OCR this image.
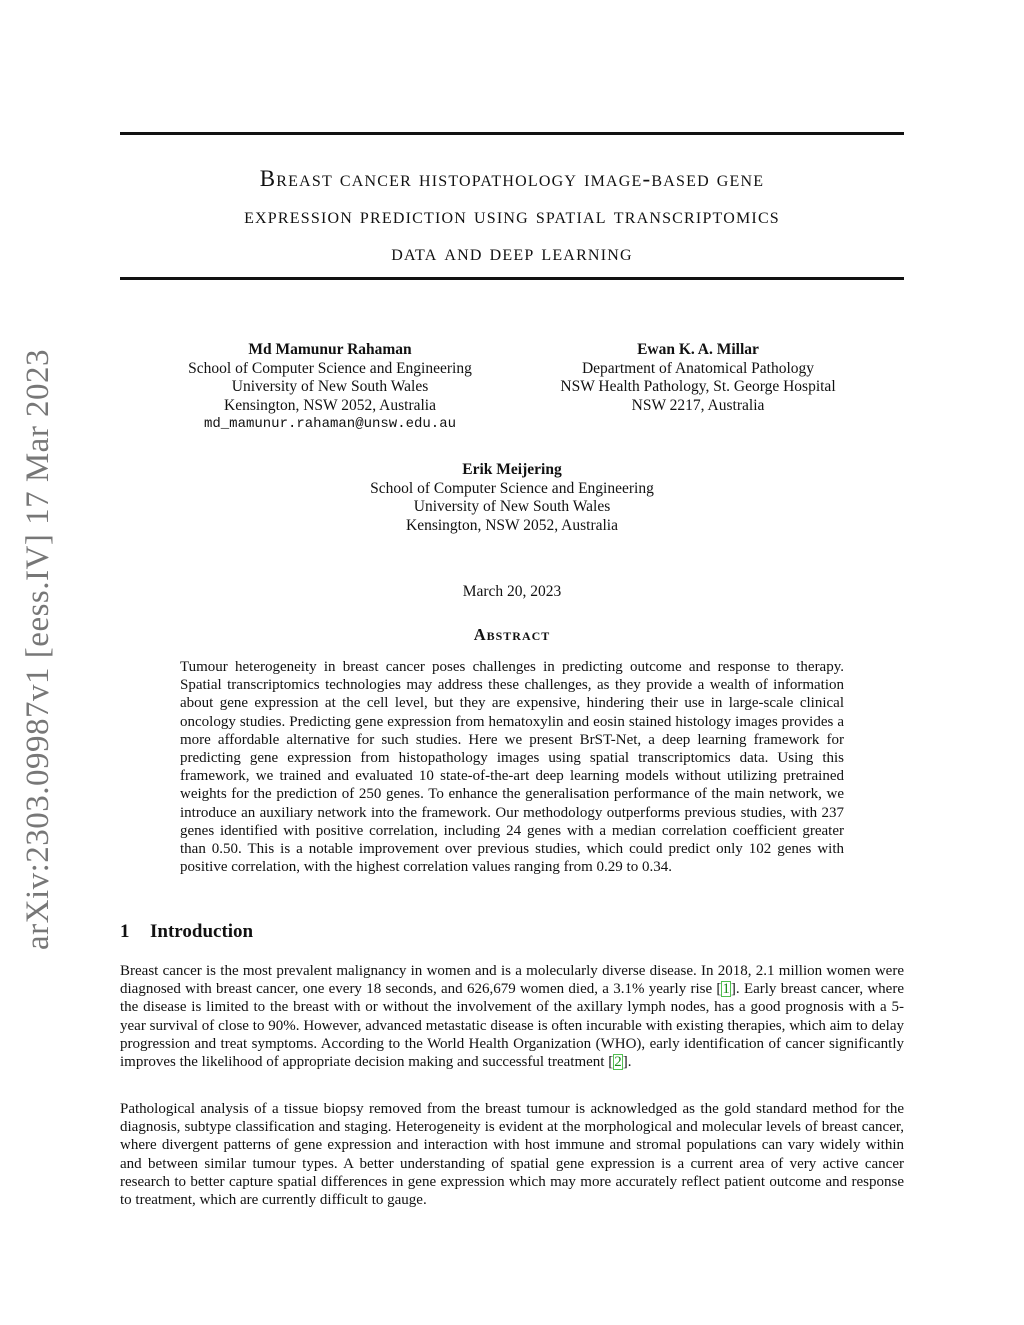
arXiv:2303.09987v1 [eess.IV] 17 Mar 2023
Breast cancer histopathology image-based gene
expression prediction using spatial transcriptomics
data and deep learning
Md Mamunur Rahaman
School of Computer Science and Engineering
University of New South Wales
Kensington, NSW 2052, Australia
md_mamunur.rahaman@unsw.edu.au
Ewan K. A. Millar
Department of Anatomical Pathology
NSW Health Pathology, St. George Hospital
NSW 2217, Australia
Erik Meijering
School of Computer Science and Engineering
University of New South Wales
Kensington, NSW 2052, Australia
March 20, 2023
Abstract
Tumour heterogeneity in breast cancer poses challenges in predicting outcome and response to therapy. Spatial transcriptomics technologies may address these challenges, as they provide a wealth of information about gene expression at the cell level, but they are expensive, hindering their use in large-scale clinical oncology studies. Predicting gene expression from hematoxylin and eosin stained histology images provides a more affordable alternative for such studies. Here we present BrST-Net, a deep learning framework for predicting gene expression from histopathology images using spatial transcriptomics data. Using this framework, we trained and evaluated 10 state-of-the-art deep learning models without utilizing pretrained weights for the prediction of 250 genes. To enhance the generalisation performance of the main network, we introduce an auxiliary network into the framework. Our methodology outperforms previous studies, with 237 genes identified with positive correlation, including 24 genes with a median correlation coefficient greater than 0.50. This is a notable improvement over previous studies, which could predict only 102 genes with positive correlation, with the highest correlation values ranging from 0.29 to 0.34.
1 Introduction

Breast cancer is the most prevalent malignancy in women and is a molecularly diverse disease. In 2018, 2.1 million women were diagnosed with breast cancer, one every 18 seconds, and 626,679 women died, a 3.1% yearly rise [1]. Early breast cancer, where the disease is limited to the breast with or without the involvement of the axillary lymph nodes, has a good prognosis with a 5-year survival of close to 90%. However, advanced metastatic disease is often incurable with existing therapies, which aim to delay progression and treat symptoms. According to the World Health Organization (WHO), early identification of cancer significantly improves the likelihood of appropriate decision making and successful treatment [2].

Pathological analysis of a tissue biopsy removed from the breast tumour is acknowledged as the gold standard method for the diagnosis, subtype classification and staging. Heterogeneity is evident at the morphological and molecular levels of breast cancer, where divergent patterns of gene expression and interaction with host immune and stromal populations can vary widely within and between similar tumour types. A better understanding of spatial gene expression is a current area of very active cancer research to better capture spatial differences in gene expression which may more accurately reflect patient outcome and response to treatment, which are currently difficult to gauge.
